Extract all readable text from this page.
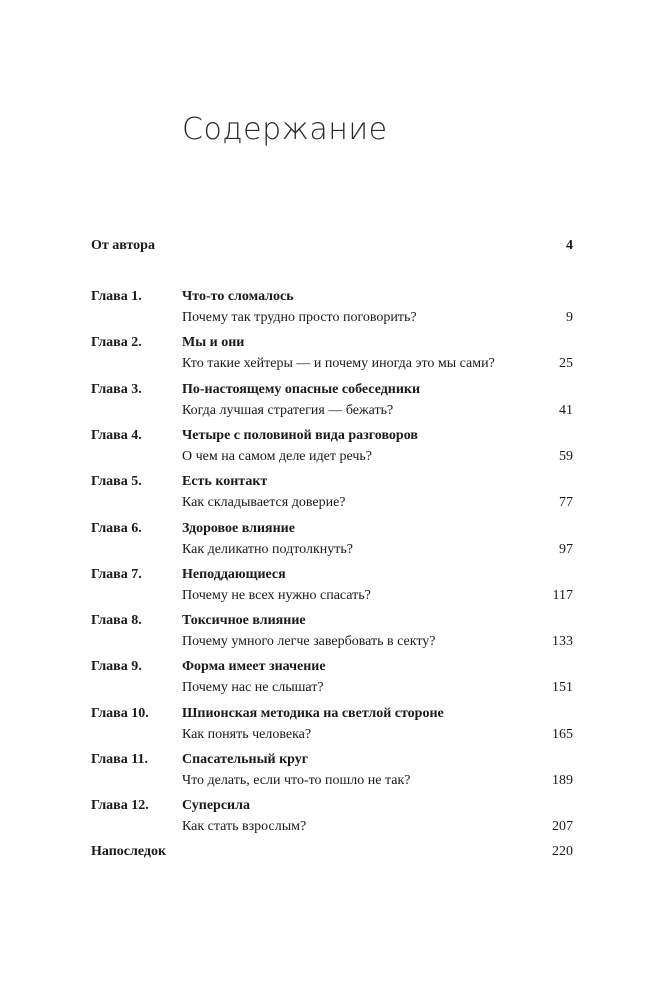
Содержание
От автора	4
Глава 1.	Что-то сломалось
Почему так трудно просто поговорить?	9
Глава 2.	Мы и они
Кто такие хейтеры — и почему иногда это мы сами?	25
Глава 3.	По-настоящему опасные собеседники
Когда лучшая стратегия — бежать?	41
Глава 4.	Четыре с половиной вида разговоров
О чем на самом деле идет речь?	59
Глава 5.	Есть контакт
Как складывается доверие?	77
Глава 6.	Здоровое влияние
Как деликатно подтолкнуть?	97
Глава 7.	Неподдающиеся
Почему не всех нужно спасать?	117
Глава 8.	Токсичное влияние
Почему умного легче завербовать в секту?	133
Глава 9.	Форма имеет значение
Почему нас не слышат?	151
Глава 10. Шпионская методика на светлой стороне
Как понять человека?	165
Глава 11. Спасательный круг
Что делать, если что-то пошло не так?	189
Глава 12. Суперсила
Как стать взрослым?	207
Напоследок	220
